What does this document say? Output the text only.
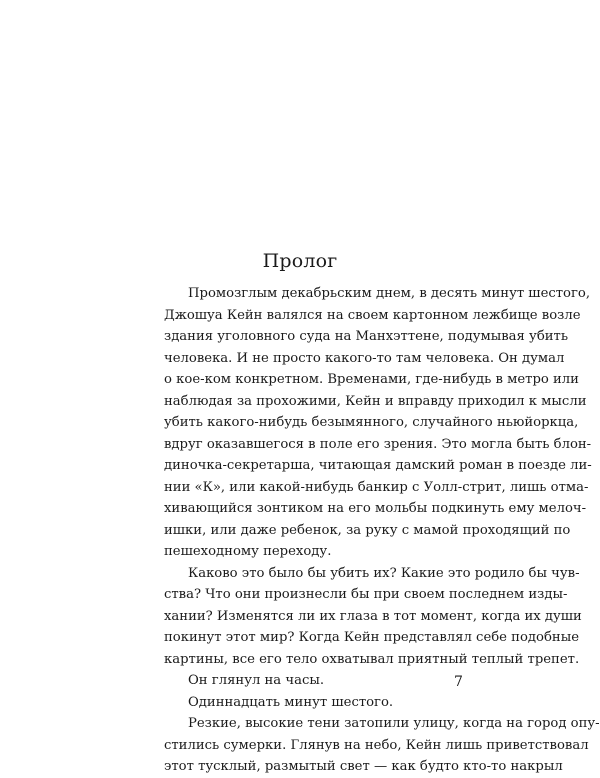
Пролог

Промозглым декабрьским днем, в десять минут шестого,
Джошуа Кейн валялся на своем картонном лежбище возле
здания уголовного суда на Манхэттене, подумывая убить
человека. И не просто какого-то там человека. Он думал
о кое-ком конкретном. Временами, где-нибудь в метро или
наблюдая за прохожими, Кейн и вправду приходил к мысли
убить какого-нибудь безымянного, случайного ньюйоркца,
вдруг оказавшегося в поле его зрения. Это могла быть блон-
диночка-секретарша, читающая дамский роман в поезде ли-
нии «К», или какой-нибудь банкир с Уолл-стрит, лишь отма-
хивающийся зонтиком на его мольбы подкинуть ему мелоч-
ишки, или даже ребенок, за руку с мамой проходящий по
пешеходному переходу.

Каково это было бы убить их? Какие это родило бы чув-
ства? Что они произнесли бы при своем последнем изды-
хании? Изменятся ли их глаза в тот момент, когда их души
покинут этот мир? Когда Кейн представлял себе подобные
картины, все его тело охватывал приятный теплый трепет.

Он глянул на часы.

Одиннадцать минут шестого.

Резкие, высокие тени затопили улицу, когда на город опу-
стились сумерки. Глянув на небо, Кейн лишь приветствовал
этот тусклый, размытый свет — как будто кто-то накрыл

7
